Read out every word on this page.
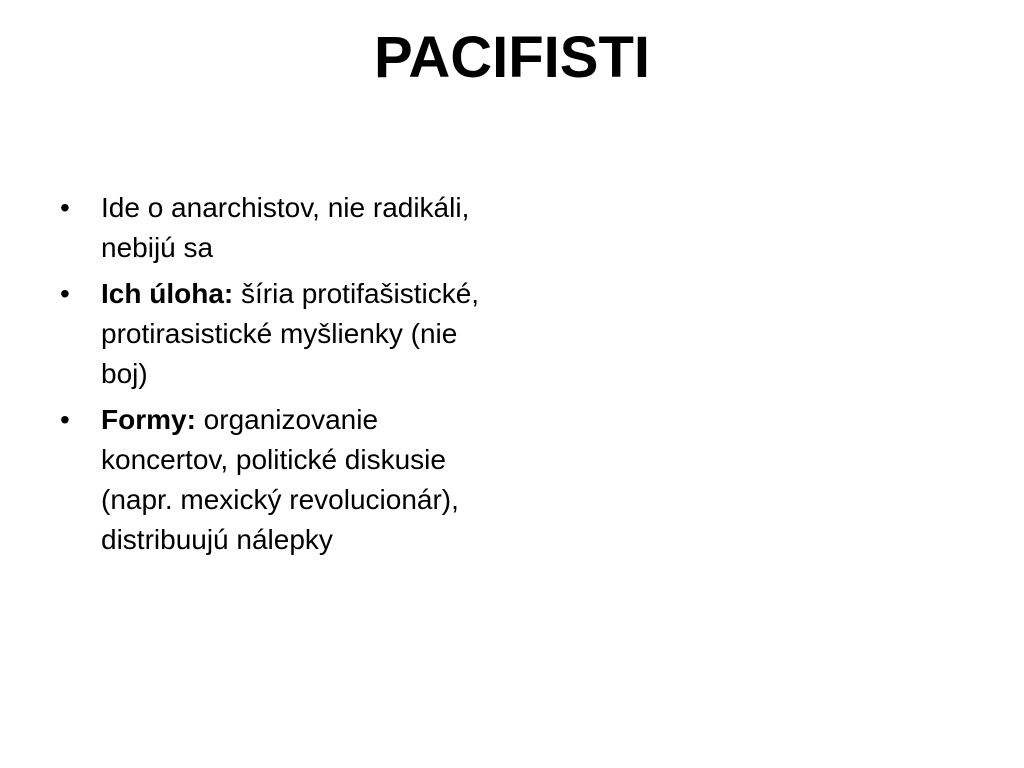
PACIFISTI
•	Ide o anarchistov, nie radikáli, nebijú sa
•	Ich úloha: šíria protifašistické, protirasistické myšlienky (nie boj)
•	Formy: organizovanie koncertov, politické diskusie (napr. mexický revolucionár), distribuujú nálepky
